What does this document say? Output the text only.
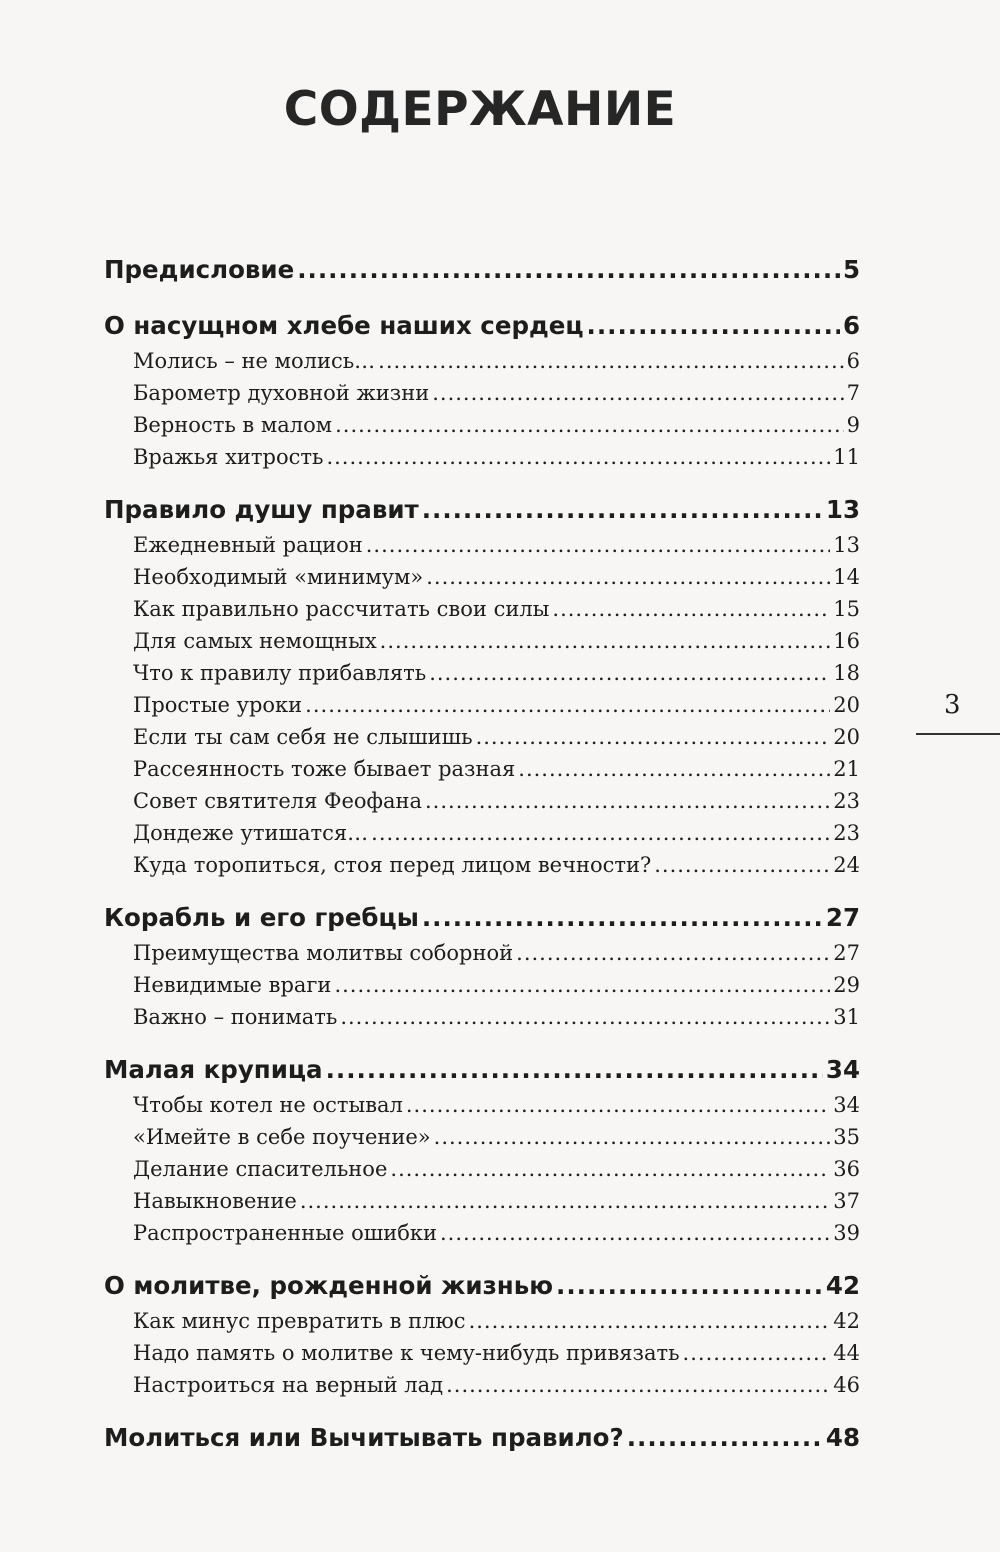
СОДЕРЖАНИЕ
Предисловие .....	5
О насущном хлебе наших сердец .....	6
Молись – не молись… .....	6
Барометр духовной жизни .....	7
Верность в малом .....	9
Вражья хитрость .....	11
Правило душу правит .....	13
Ежедневный рацион .....	13
Необходимый «минимум» .....	14
Как правильно рассчитать свои силы .....	15
Для самых немощных .....	16
Что к правилу прибавлять .....	18
Простые уроки .....	20
Если ты сам себя не слышишь .....	20
Рассеянность тоже бывает разная .....	21
Совет святителя Феофана .....	23
Дондеже утишатся… .....	23
Куда торопиться, стоя перед лицом вечности? .....	24
Корабль и его гребцы .....	27
Преимущества молитвы соборной .....	27
Невидимые враги .....	29
Важно – понимать .....	31
Малая крупица .....	34
Чтобы котел не остывал .....	34
«Имейте в себе поучение» .....	35
Делание спасительное .....	36
Навыкновение .....	37
Распространенные ошибки .....	39
О молитве, рожденной жизнью .....	42
Как минус превратить в плюс .....	42
Надо память о молитве к чему-нибудь привязать .....	44
Настроиться на верный лад .....	46
Молиться или Вычитывать правило? .....	48
3
